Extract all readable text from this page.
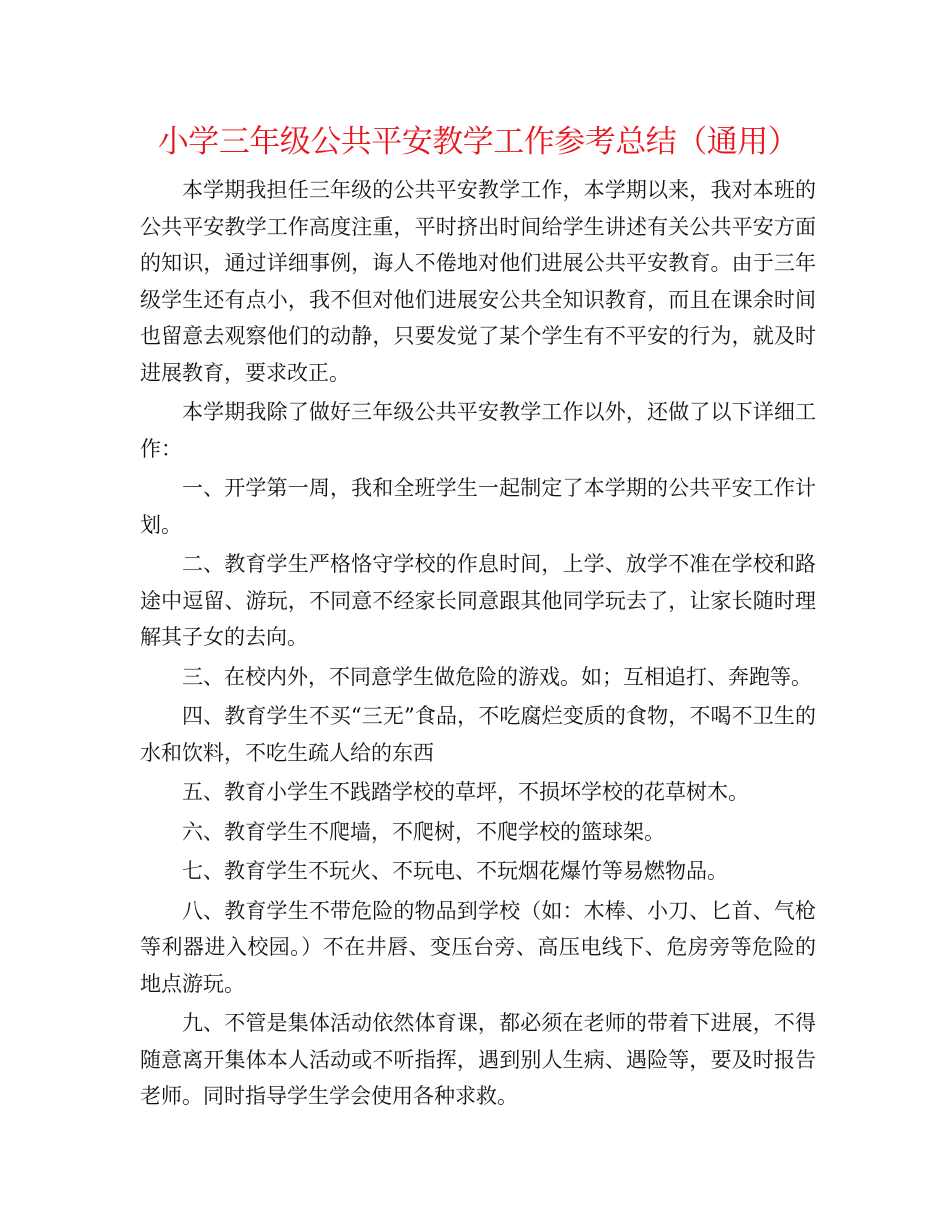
小学三年级公共平安教学工作参考总结（通用）

本学期我担任三年级的公共平安教学工作，本学期以来，我对本班的公共平安教学工作高度注重，平时挤出时间给学生讲述有关公共平安方面的知识，通过详细事例，诲人不倦地对他们进展公共平安教育。由于三年级学生还有点小，我不但对他们进展安公共全知识教育，而且在课余时间也留意去观察他们的动静，只要发觉了某个学生有不平安的行为，就及时进展教育，要求改正。

本学期我除了做好三年级公共平安教学工作以外，还做了以下详细工作：

一、开学第一周，我和全班学生一起制定了本学期的公共平安工作计划。

二、教育学生严格恪守学校的作息时间，上学、放学不准在学校和路途中逗留、游玩，不同意不经家长同意跟其他同学玩去了，让家长随时理解其子女的去向。

三、在校内外，不同意学生做危险的游戏。如；互相追打、奔跑等。

四、教育学生不买“三无”食品，不吃腐烂变质的食物，不喝不卫生的水和饮料，不吃生疏人给的东西

五、教育小学生不践踏学校的草坪，不损坏学校的花草树木。

六、教育学生不爬墙，不爬树，不爬学校的篮球架。

七、教育学生不玩火、不玩电、不玩烟花爆竹等易燃物品。

八、教育学生不带危险的物品到学校（如：木棒、小刀、匕首、气枪等利器进入校园。）不在井唇、变压台旁、高压电线下、危房旁等危险的地点游玩。

九、不管是集体活动依然体育课，都必须在老师的带着下进展，不得随意离开集体本人活动或不听指挥，遇到别人生病、遇险等，要及时报告老师。同时指导学生学会使用各种求救。
